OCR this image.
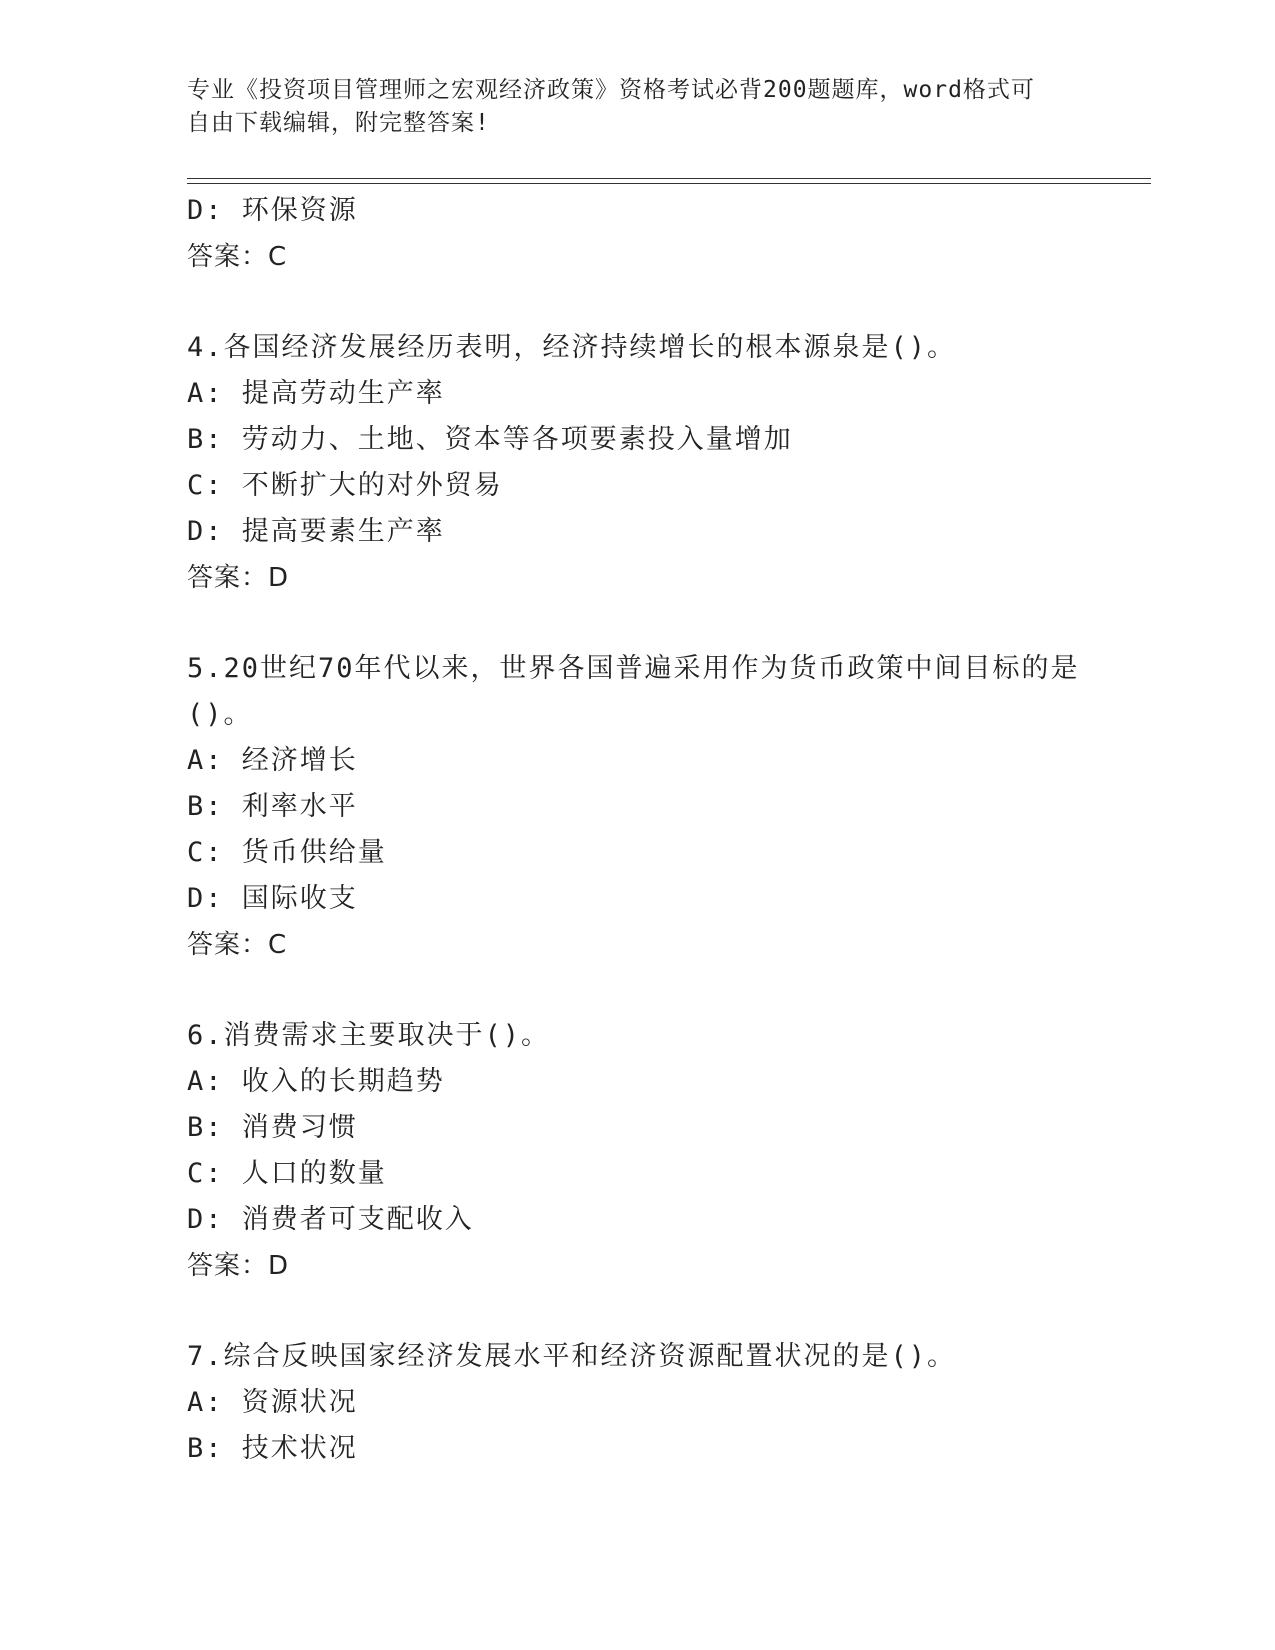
专业《投资项目管理师之宏观经济政策》资格考试必背200题题库，word格式可
自由下载编辑，附完整答案!
D: 环保资源
答案：C
4.各国经济发展经历表明，经济持续增长的根本源泉是()。
A: 提高劳动生产率
B: 劳动力、土地、资本等各项要素投入量增加
C: 不断扩大的对外贸易
D: 提高要素生产率
答案：D
5.20世纪70年代以来，世界各国普遍采用作为货币政策中间目标的是
()。
A: 经济增长
B: 利率水平
C: 货币供给量
D: 国际收支
答案：C
6.消费需求主要取决于()。
A: 收入的长期趋势
B: 消费习惯
C: 人口的数量
D: 消费者可支配收入
答案：D
7.综合反映国家经济发展水平和经济资源配置状况的是()。
A: 资源状况
B: 技术状况
